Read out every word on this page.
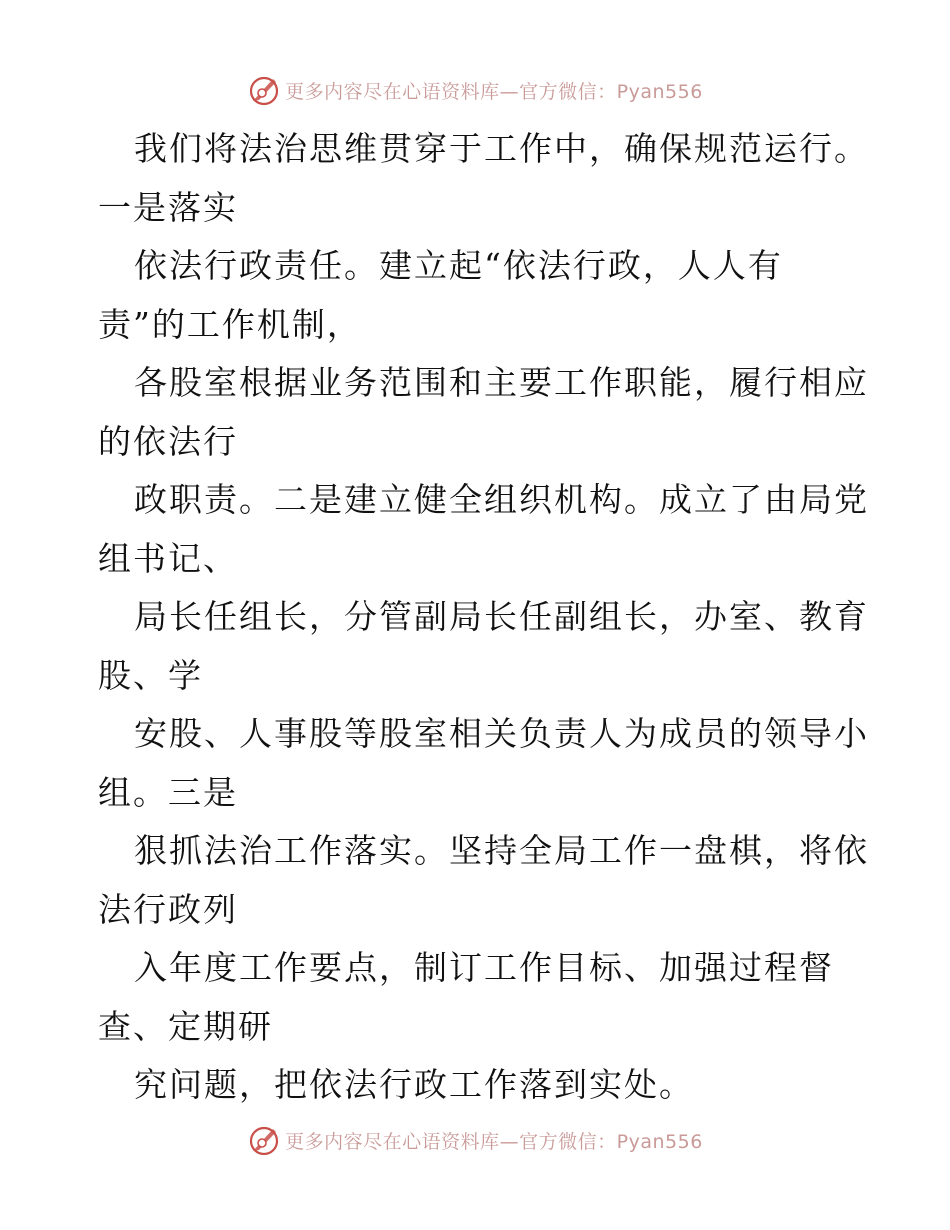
更多内容尽在心语资料库—官方微信：Pyan556
我们将法治思维贯穿于工作中，确保规范运行。
一是落实
依法行政责任。建立起“依法行政，人人有
责”的工作机制，
各股室根据业务范围和主要工作职能，履行相应
的依法行
政职责。二是建立健全组织机构。成立了由局党
组书记、
局长任组长，分管副局长任副组长，办室、教育
股、学
安股、人事股等股室相关负责人为成员的领导小
组。三是
狠抓法治工作落实。坚持全局工作一盘棋，将依
法行政列
入年度工作要点，制订工作目标、加强过程督
查、定期研
究问题，把依法行政工作落到实处。
更多内容尽在心语资料库—官方微信：Pyan556
